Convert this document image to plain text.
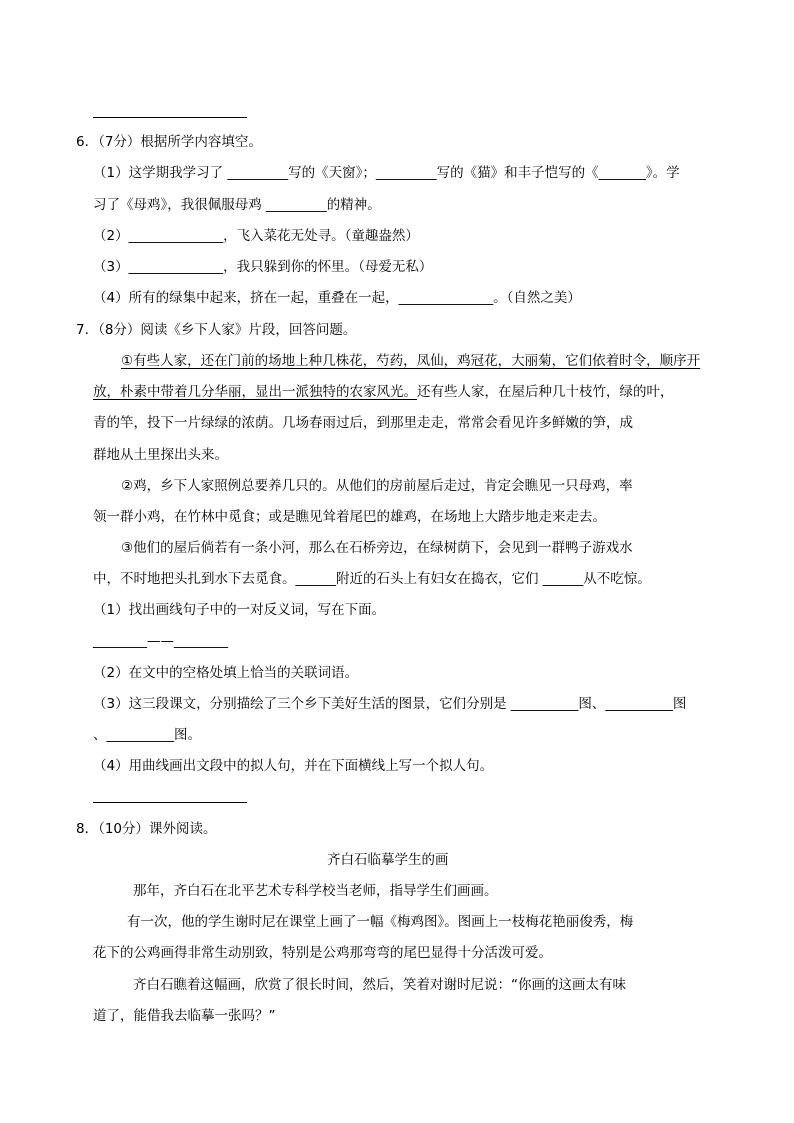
6．（7分）根据所学内容填空。
（1）这学期我学习了 _________写的《天窗》；_________写的《猫》和丰子恺写的《_______》。学
习了《母鸡》，我很佩服母鸡 _________的精神。
（2）______________，飞入菜花无处寻。（童趣盎然）
（3）______________，我只躲到你的怀里。（母爱无私）
（4）所有的绿集中起来，挤在一起，重叠在一起，______________。（自然之美）
7．（8分）阅读《乡下人家》片段，回答问题。
①有些人家，还在门前的场地上种几株花，芍药，凤仙，鸡冠花，大丽菊，它们依着时令，顺序开
放，朴素中带着几分华丽，显出一派独特的农家风光。还有些人家，在屋后种几十枝竹，绿的叶，
青的竿，投下一片绿绿的浓荫。几场春雨过后，到那里走走，常常会看见许多鲜嫩的笋，成
群地从土里探出头来。
②鸡，乡下人家照例总要养几只的。从他们的房前屋后走过，肯定会瞧见一只母鸡，率
领一群小鸡，在竹林中觅食；或是瞧见耸着尾巴的雄鸡，在场地上大踏步地走来走去。
③他们的屋后倘若有一条小河，那么在石桥旁边，在绿树荫下，会见到一群鸭子游戏水
中，不时地把头扎到水下去觅食。______附近的石头上有妇女在捣衣，它们 ______从不吃惊。
（1）找出画线句子中的一对反义词，写在下面。
________——________
（2）在文中的空格处填上恰当的关联词语。
（3）这三段课文，分别描绘了三个乡下美好生活的图景，它们分别是 __________图、__________图
、__________图。
（4）用曲线画出文段中的拟人句，并在下面横线上写一个拟人句。
8．（10分）课外阅读。
齐白石临摹学生的画
那年，齐白石在北平艺术专科学校当老师，指导学生们画画。
有一次，他的学生谢时尼在课堂上画了一幅《梅鸡图》。图画上一枝梅花艳丽俊秀，梅
花下的公鸡画得非常生动别致，特别是公鸡那弯弯的尾巴显得十分活泼可爱。
齐白石瞧着这幅画，欣赏了很长时间，然后，笑着对谢时尼说：“你画的这画太有味
道了，能借我去临摹一张吗？”
